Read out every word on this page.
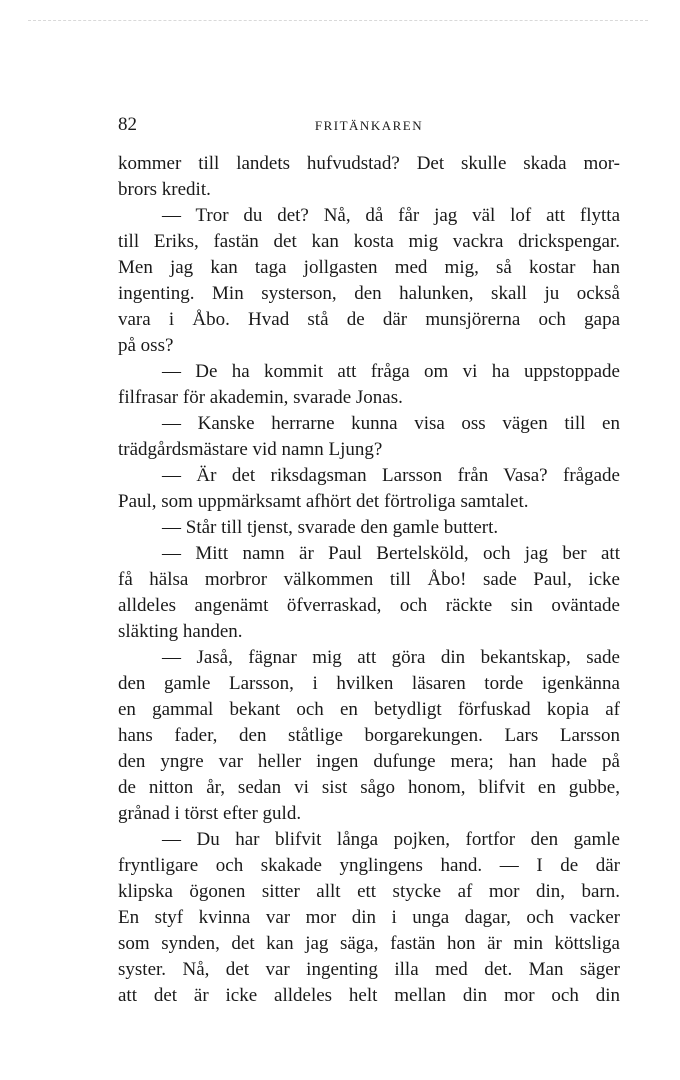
82	FRITÄNKAREN
kommer till landets hufvudstad? Det skulle skada mor-
brors kredit.
— Tror du det? Nå, då får jag väl lof att flytta
till Eriks, fastän det kan kosta mig vackra drickspengar.
Men jag kan taga jollgasten med mig, så kostar han
ingenting. Min systerson, den halunken, skall ju också
vara i Åbo. Hvad stå de där munsjörerna och gapa
på oss?
— De ha kommit att fråga om vi ha uppstoppade
filfrasar för akademin, svarade Jonas.
— Kanske herrarne kunna visa oss vägen till en
trädgårdsmästare vid namn Ljung?
— Är det riksdagsman Larsson från Vasa? frågade
Paul, som uppmärksamt afhört det förtroliga samtalet.
— Står till tjenst, svarade den gamle buttert.
— Mitt namn är Paul Bertelsköld, och jag ber att
få hälsa morbror välkommen till Åbo! sade Paul, icke
alldeles angenämt öfverraskad, och räckte sin oväntade
släkting handen.
— Jaså, fägnar mig att göra din bekantskap, sade
den gamle Larsson, i hvilken läsaren torde igenkänna
en gammal bekant och en betydligt förfuskad kopia af
hans fader, den ståtlige borgarekungen. Lars Larsson
den yngre var heller ingen dufunge mera; han hade på
de nitton år, sedan vi sist sågo honom, blifvit en gubbe,
grånad i törst efter guld.
— Du har blifvit långa pojken, fortfor den gamle
fryntligare och skakade ynglingens hand. — I de där
klipska ögonen sitter allt ett stycke af mor din, barn.
En styf kvinna var mor din i unga dagar, och vacker
som synden, det kan jag säga, fastän hon är min köttsliga
syster. Nå, det var ingenting illa med det. Man säger
att det är icke alldeles helt mellan din mor och din
